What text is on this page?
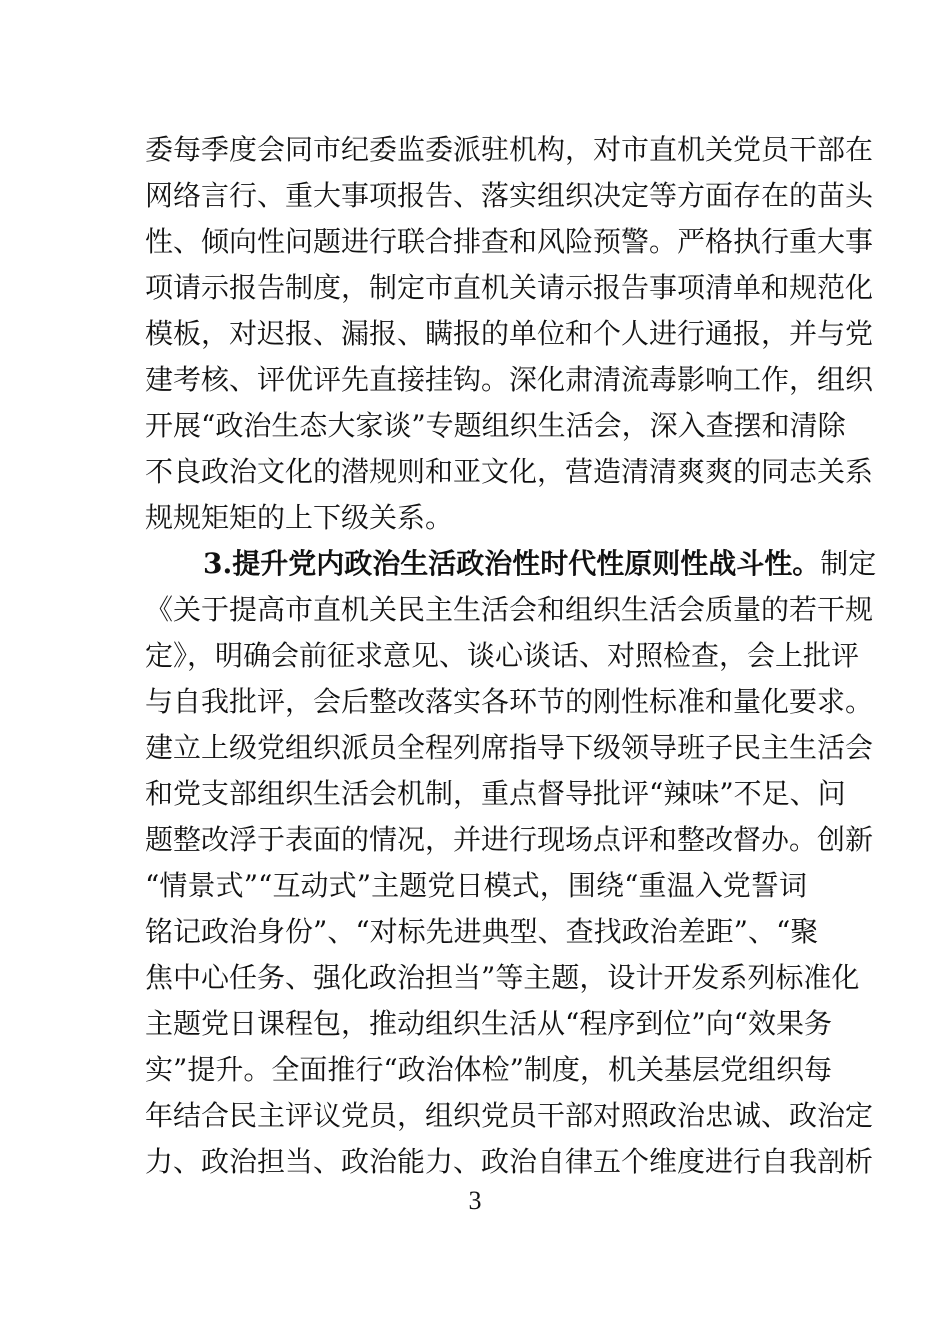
委每季度会同市纪委监委派驻机构，对市直机关党员干部在
网络言行、重大事项报告、落实组织决定等方面存在的苗头
性、倾向性问题进行联合排查和风险预警。严格执行重大事
项请示报告制度，制定市直机关请示报告事项清单和规范化
模板，对迟报、漏报、瞒报的单位和个人进行通报，并与党
建考核、评优评先直接挂钩。深化肃清流毒影响工作，组织
开展“政治生态大家谈”专题组织生活会，深入查摆和清除
不良政治文化的潜规则和亚文化，营造清清爽爽的同志关系
规规矩矩的上下级关系。
3.提升党内政治生活政治性时代性原则性战斗性。制定
《关于提高市直机关民主生活会和组织生活会质量的若干规
定》，明确会前征求意见、谈心谈话、对照检查，会上批评
与自我批评，会后整改落实各环节的刚性标准和量化要求。
建立上级党组织派员全程列席指导下级领导班子民主生活会
和党支部组织生活会机制，重点督导批评“辣味”不足、问
题整改浮于表面的情况，并进行现场点评和整改督办。创新
“情景式”“互动式”主题党日模式，围绕“重温入党誓词
铭记政治身份”、“对标先进典型、查找政治差距”、“聚
焦中心任务、强化政治担当”等主题，设计开发系列标准化
主题党日课程包，推动组织生活从“程序到位”向“效果务
实”提升。全面推行“政治体检”制度，机关基层党组织每
年结合民主评议党员，组织党员干部对照政治忠诚、政治定
力、政治担当、政治能力、政治自律五个维度进行自我剖析
3
